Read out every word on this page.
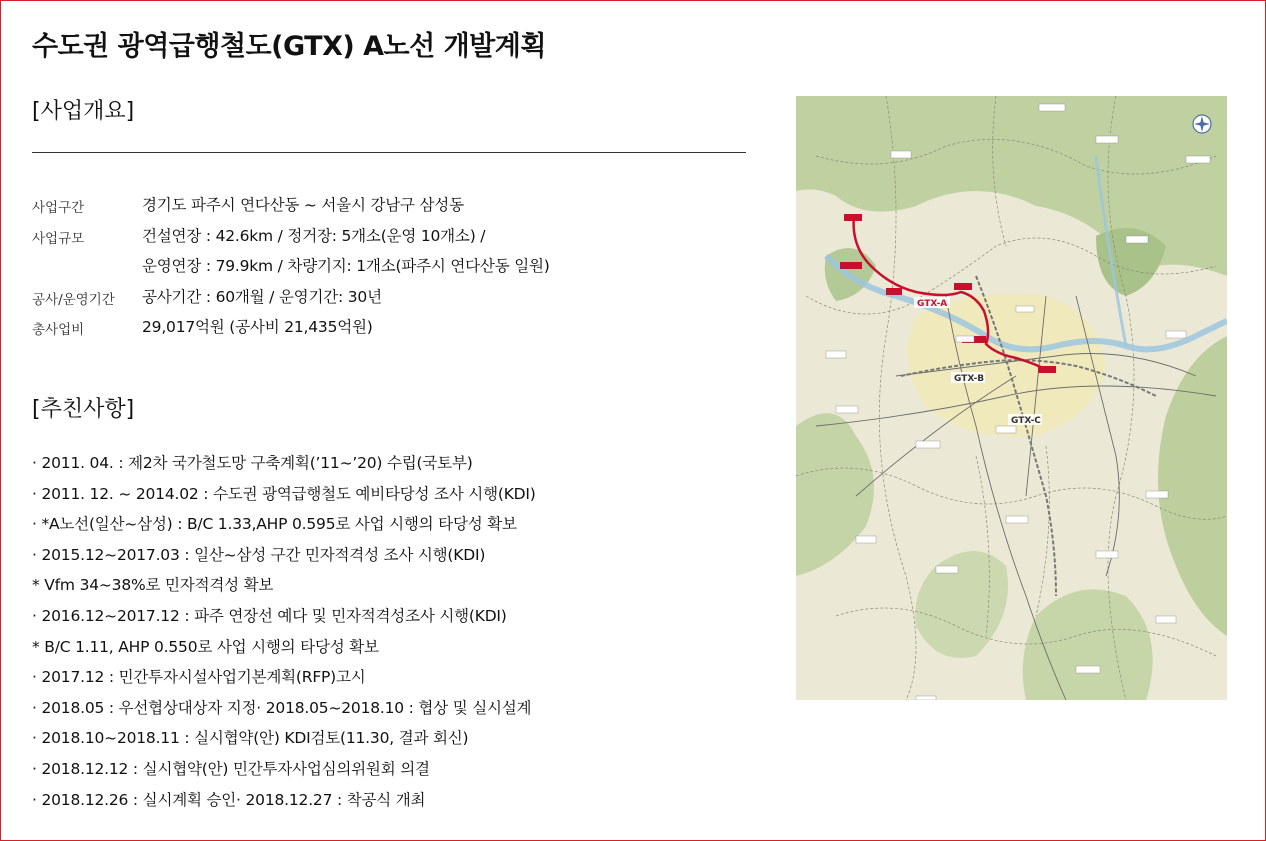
수도권 광역급행철도(GTX) A노선 개발계획
[사업개요]
사업구간	경기도 파주시 연다산동 ~ 서울시 강남구 삼성동
사업규모	건설연장 : 42.6km / 정거장: 5개소(운영 10개소) /
운영연장 : 79.9km / 차량기지: 1개소(파주시 연다산동 일원)
공사/운영기간	공사기간 : 60개월 / 운영기간: 30년
총사업비	29,017억원 (공사비 21,435억원)
[추친사항]
· 2011. 04. : 제2차 국가철도망 구축계획(’11~’20) 수립(국토부)
· 2011. 12. ~ 2014.02 : 수도권 광역급행철도 예비타당성 조사 시행(KDI)
· *A노선(일산~삼성) : B/C 1.33,AHP 0.595로 사업 시행의 타당성 확보
· 2015.12~2017.03 : 일산~삼성 구간 민자적격성 조사 시행(KDI)
* Vfm 34~38%로 민자적격성 확보
· 2016.12~2017.12 : 파주 연장선 예다 및 민자적격성조사 시행(KDI)
* B/C 1.11, AHP 0.550로 사업 시행의 타당성 확보
· 2017.12 : 민간투자시설사업기본계획(RFP)고시
· 2018.05 : 우선협상대상자 지정· 2018.05~2018.10 : 협상 및 실시설계
· 2018.10~2018.11 : 실시협약(안) KDI검토(11.30, 결과 회신)
· 2018.12.12 : 실시협약(안) 민간투자사업심의위원회 의결
· 2018.12.26 : 실시계획 승인· 2018.12.27 : 착공식 개최
GTX-A
GTX-B
GTX-C
